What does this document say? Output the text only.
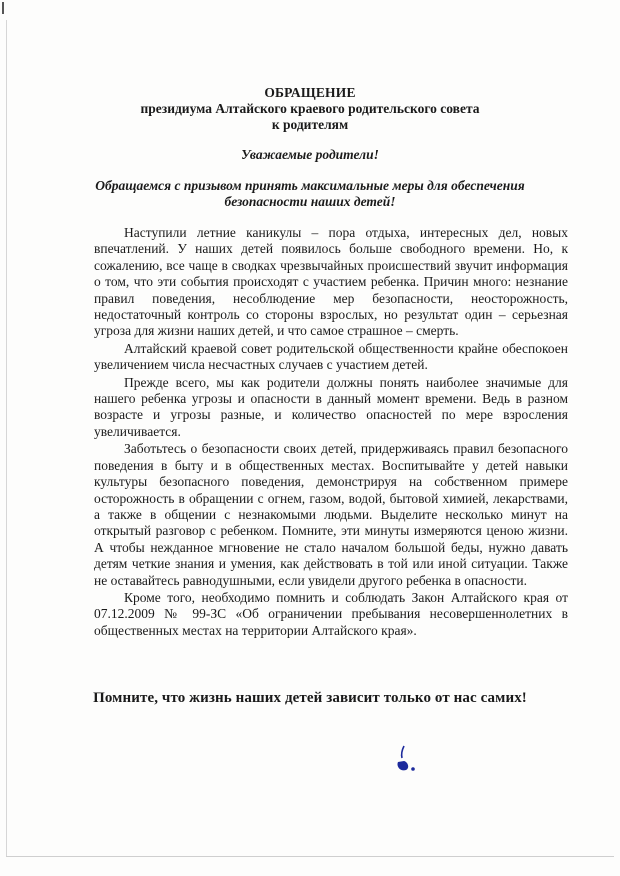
ОБРАЩЕНИЕ
президиума Алтайского краевого родительского совета
к родителям
Уважаемые родители!
Обращаемся с призывом принять максимальные меры для обеспечения
безопасности наших детей!

Наступили летние каникулы – пора отдыха, интересных дел, новых впечатлений. У наших детей появилось больше свободного времени. Но, к сожалению, все чаще в сводках чрезвычайных происшествий звучит информация о том, что эти события происходят с участием ребенка. Причин много: незнание правил поведения, несоблюдение мер безопасности, неосторожность, недостаточный контроль со стороны взрослых, но результат один – серьезная угроза для жизни наших детей, и что самое страшное – смерть.

Алтайский краевой совет родительской общественности крайне обеспокоен увеличением числа несчастных случаев с участием детей.

Прежде всего, мы как родители должны понять наиболее значимые для нашего ребенка угрозы и опасности в данный момент времени. Ведь в разном возрасте и угрозы разные, и количество опасностей по мере взросления увеличивается.

Заботьтесь о безопасности своих детей, придерживаясь правил безопасного поведения в быту и в общественных местах. Воспитывайте у детей навыки культуры безопасного поведения, демонстрируя на собственном примере осторожность в обращении с огнем, газом, водой, бытовой химией, лекарствами, а также в общении с незнакомыми людьми. Выделите несколько минут на открытый разговор с ребенком. Помните, эти минуты измеряются ценою жизни. А чтобы нежданное мгновение не стало началом большой беды, нужно давать детям четкие знания и умения, как действовать в той или иной ситуации. Также не оставайтесь равнодушными, если увидели другого ребенка в опасности.

Кроме того, необходимо помнить и соблюдать Закон Алтайского края от 07.12.2009 № 99-ЗС «Об ограничении пребывания несовершеннолетних в общественных местах на территории Алтайского края».

Помните, что жизнь наших детей зависит только от нас самих!
